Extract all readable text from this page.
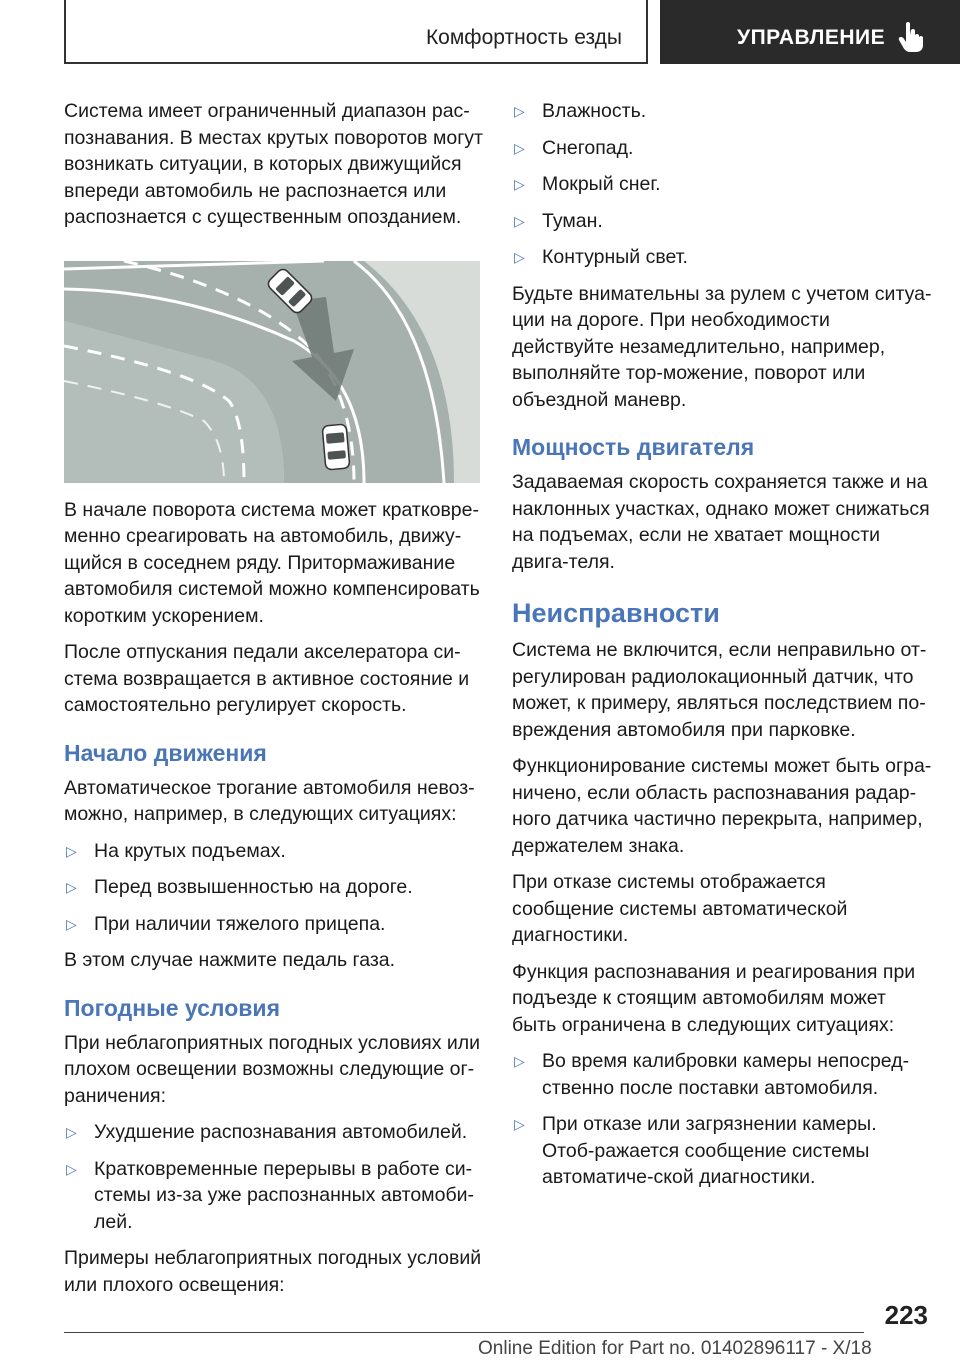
Комфортность езды	УПРАВЛЕНИЕ

Система имеет ограниченный диапазон рас-познавания. В местах крутых поворотов могут возникать ситуации, в которых движущийся впереди автомобиль не распознается или распознается с существенным опозданием.

В начале поворота система может кратковре-менно среагировать на автомобиль, движу-щийся в соседнем ряду. Притормаживание автомобиля системой можно компенсировать коротким ускорением.

После отпускания педали акселератора си-стема возвращается в активное состояние и самостоятельно регулирует скорость.

Начало движения

Автоматическое трогание автомобиля невоз-можно, например, в следующих ситуациях:

▷ На крутых подъемах.
▷ Перед возвышенностью на дороге.
▷ При наличии тяжелого прицепа.

В этом случае нажмите педаль газа.

Погодные условия

При неблагоприятных погодных условиях или плохом освещении возможны следующие ог-раничения:

▷ Ухудшение распознавания автомобилей.
▷ Кратковременные перерывы в работе си-стемы из-за уже распознанных автомоби-лей.

Примеры неблагоприятных погодных условий или плохого освещения:

▷ Влажность.
▷ Снегопад.
▷ Мокрый снег.
▷ Туман.
▷ Контурный свет.

Будьте внимательны за рулем с учетом ситуа-ции на дороге. При необходимости действуйте незамедлительно, например, выполняйте тор-можение, поворот или объездной маневр.

Мощность двигателя

Задаваемая скорость сохраняется также и на наклонных участках, однако может снижаться на подъемах, если не хватает мощности двига-теля.

Неисправности

Система не включится, если неправильно от-регулирован радиолокационный датчик, что может, к примеру, являться последствием по-вреждения автомобиля при парковке.

Функционирование системы может быть огра-ничено, если область распознавания радар-ного датчика частично перекрыта, например, держателем знака.

При отказе системы отображается сообщение системы автоматической диагностики.

Функция распознавания и реагирования при подъезде к стоящим автомобилям может быть ограничена в следующих ситуациях:

▷ Во время калибровки камеры непосред-ственно после поставки автомобиля.
▷ При отказе или загрязнении камеры. Отоб-ражается сообщение системы автоматиче-ской диагностики.
223
Online Edition for Part no. 01402896117 - X/18
